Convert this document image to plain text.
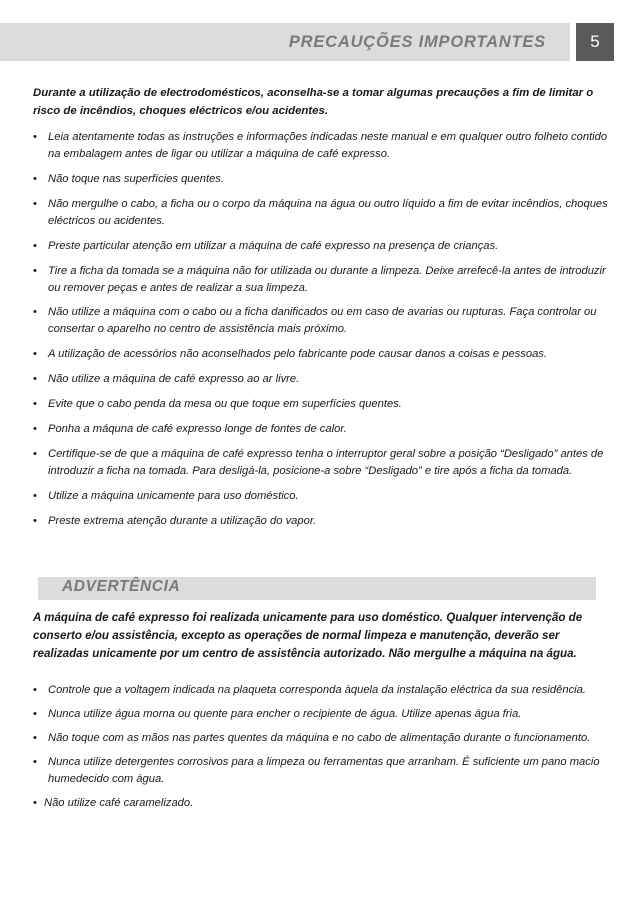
PRECAUÇÕES IMPORTANTES	5
Durante a utilização de electrodomésticos, aconselha-se a tomar algumas precauções a fim de limitar o risco de incêndios, choques eléctricos e/ou acidentes.
• Leia atentamente todas as instruções e informações indicadas neste manual e em qualquer outro folheto contido na embalagem antes de ligar ou utilizar a máquina de café expresso.
• Não toque nas superfícies quentes.
• Não mergulhe o cabo, a ficha ou o corpo da máquina na água ou outro líquido a fim de evitar incêndios, choques eléctricos ou acidentes.
• Preste particular atenção em utilizar a máquina de café expresso na presença de crianças.
• Tire a ficha da tomada se a máquina não for utilizada ou durante a limpeza. Deixe arrefecê-la antes de introduzir ou remover peças e antes de realizar a sua limpeza.
• Não utilize a máquina com o cabo ou a ficha danificados ou em caso de avarias ou rupturas. Faça controlar ou consertar o aparelho no centro de assistência mais próximo.
• A utilização de acessórios não aconselhados pelo fabricante pode causar danos a coisas e pessoas.
• Não utilize a máquina de café expresso ao ar livre.
• Evite que o cabo penda da mesa ou que toque em superfícies quentes.
• Ponha a máquna de café expresso longe de fontes de calor.
• Certifique-se de que a máquina de café expresso tenha o interruptor geral sobre a posição “Desligado” antes de introduzir a ficha na tomada. Para desligá-la, posicione-a sobre “Desligado” e tire após a ficha da tomada.
• Utilize a máquina unicamente para uso doméstico.
• Preste extrema atenção durante a utilização do vapor.
ADVERTÊNCIA
A máquina de café expresso foi realizada unicamente para uso doméstico. Qualquer intervenção de conserto e/ou assistência, excepto as operações de normal limpeza e manutenção, deverão ser realizadas unicamente por um centro de assistência autorizado. Não mergulhe a máquina na água.
• Controle que a voltagem indicada na plaqueta corresponda àquela da instalação eléctrica da sua residência.
• Nunca utilize água morna ou quente para encher o recipiente de água. Utilize apenas água fria.
• Não toque com as mãos nas partes quentes da máquina e no cabo de alimentação durante o funcionamento.
• Nunca utilize detergentes corrosivos para a limpeza ou ferramentas que arranham. É suficiente um pano macio humedecido com água.
• Não utilize café caramelizado.
